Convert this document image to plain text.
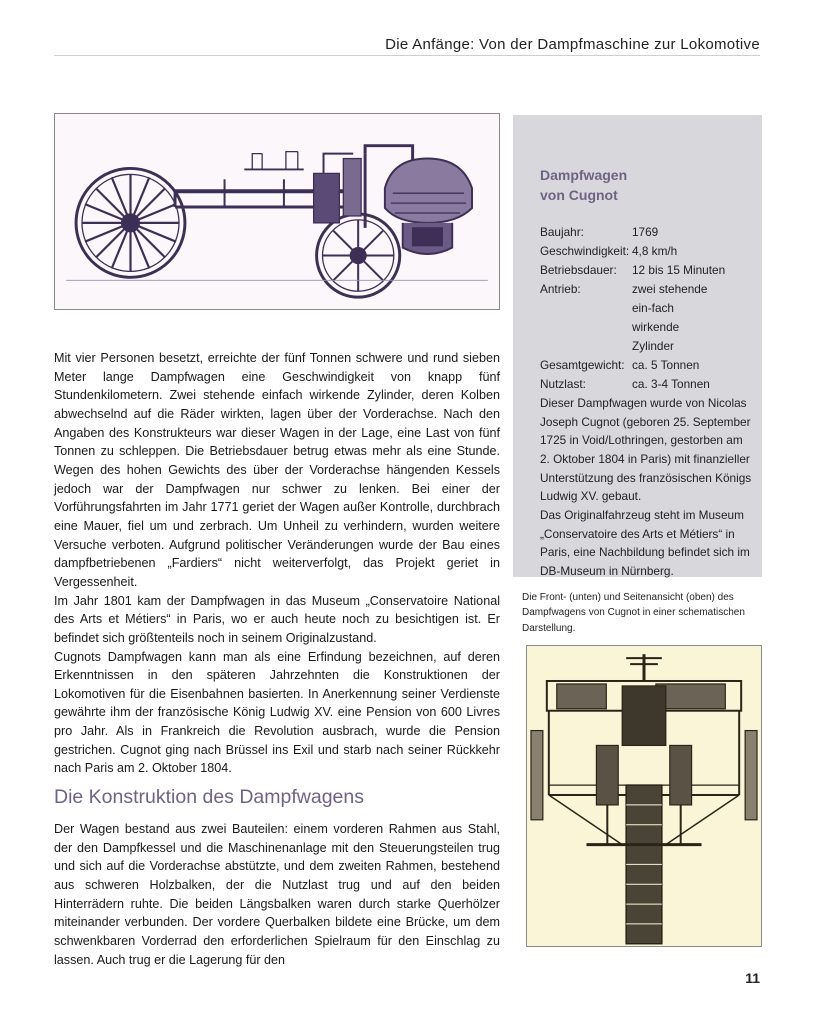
Die Anfänge: Von der Dampfmaschine zur Lokomotive

Mit vier Personen besetzt, erreichte der fünf Tonnen schwere und rund sieben Meter lange Dampfwagen eine Geschwindigkeit von knapp fünf Stundenkilometern. Zwei stehende einfach wirkende Zylinder, deren Kolben abwechselnd auf die Räder wirkten, lagen über der Vorderachse. Nach den Angaben des Konstrukteurs war dieser Wagen in der Lage, eine Last von fünf Tonnen zu schleppen. Die Betriebsdauer betrug etwas mehr als eine Stunde. Wegen des hohen Gewichts des über der Vorderachse hängenden Kessels jedoch war der Dampfwagen nur schwer zu lenken. Bei einer der Vorführungsfahrten im Jahr 1771 geriet der Wagen außer Kontrolle, durchbrach eine Mauer, fiel um und zerbrach. Um Unheil zu verhindern, wurden weitere Versuche verboten. Aufgrund politischer Veränderungen wurde der Bau eines dampfbetriebenen „Fardiers“ nicht weiterverfolgt, das Projekt geriet in Vergessenheit.

Im Jahr 1801 kam der Dampfwagen in das Museum „Conservatoire National des Arts et Métiers“ in Paris, wo er auch heute noch zu besichtigen ist. Er befindet sich größtenteils noch in seinem Originalzustand.

Cugnots Dampfwagen kann man als eine Erfindung bezeichnen, auf deren Erkenntnissen in den späteren Jahrzehnten die Konstruktionen der Lokomotiven für die Eisenbahnen basierten. In Anerkennung seiner Verdienste gewährte ihm der französische König Ludwig XV. eine Pension von 600 Livres pro Jahr. Als in Frankreich die Revolution ausbrach, wurde die Pension gestrichen. Cugnot ging nach Brüssel ins Exil und starb nach seiner Rückkehr nach Paris am 2. Oktober 1804.

Die Konstruktion des Dampfwagens

Der Wagen bestand aus zwei Bauteilen: einem vorderen Rahmen aus Stahl, der den Dampfkessel und die Maschinenanlage mit den Steuerungsteilen trug und sich auf die Vorderachse abstützte, und dem zweiten Rahmen, bestehend aus schweren Holzbalken, der die Nutzlast trug und auf den beiden Hinterrädern ruhte. Die beiden Längsbalken waren durch starke Querhölzer miteinander verbunden. Der vordere Querbalken bildete eine Brücke, um dem schwenkbaren Vorderrad den erforderlichen Spielraum für den Einschlag zu lassen. Auch trug er die Lagerung für den

Dampfwagen
von Cugnot
Baujahr:	1769
Geschwindigkeit: 4,8 km/h
Betriebsdauer:	12 bis 15 Minuten
Antrieb:	zwei stehende ein-fach wirkende Zylinder
Gesamtgewicht: ca. 5 Tonnen
Nutzlast:	ca. 3-4 Tonnen

Dieser Dampfwagen wurde von Nicolas Joseph Cugnot (geboren 25. September 1725 in Void/Lothringen, gestorben am 2. Oktober 1804 in Paris) mit finanzieller Unterstützung des französischen Königs Ludwig XV. gebaut.

Das Originalfahrzeug steht im Museum „Conservatoire des Arts et Métiers“ in Paris, eine Nachbildung befindet sich im DB-Museum in Nürnberg.

Die Front- (unten) und Seitenansicht (oben) des Dampfwagens von Cugnot in einer schematischen Darstellung.
11
